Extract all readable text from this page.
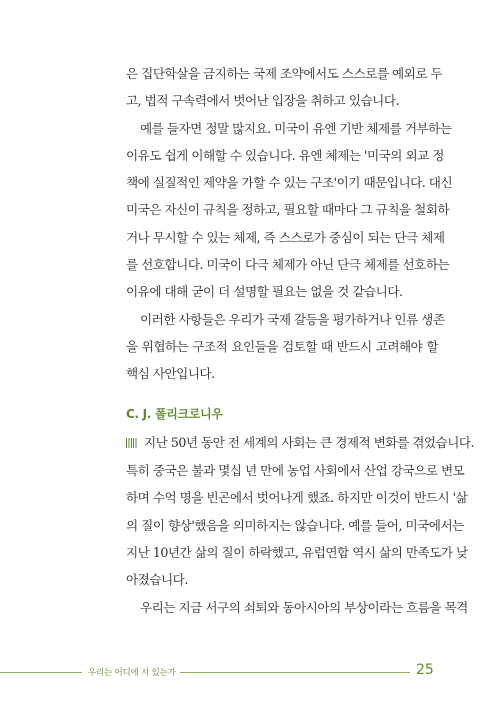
은 집단학살을 금지하는 국제 조약에서도 스스로를 예외로 두
고, 법적 구속력에서 벗어난 입장을 취하고 있습니다.
예를 들자면 정말 많지요. 미국이 유엔 기반 체제를 거부하는
이유도 쉽게 이해할 수 있습니다. 유엔 체제는 '미국의 외교 정
책에 실질적인 제약을 가할 수 있는 구조'이기 때문입니다. 대신
미국은 자신이 규칙을 정하고, 필요할 때마다 그 규칙을 철회하
거나 무시할 수 있는 체제, 즉 스스로가 중심이 되는 단극 체제
를 선호합니다. 미국이 다극 체제가 아닌 단극 체제를 선호하는
이유에 대해 굳이 더 설명할 필요는 없을 것 같습니다.
이러한 사항들은 우리가 국제 갈등을 평가하거나 인류 생존
을 위협하는 구조적 요인들을 검토할 때 반드시 고려해야 할
핵심 사안입니다.
C. J. 폴리크로니우
지난 50년 동안 전 세계의 사회는 큰 경제적 변화를 겪었습니다.
특히 중국은 불과 몇십 년 만에 농업 사회에서 산업 강국으로 변모
하며 수억 명을 빈곤에서 벗어나게 했죠. 하지만 이것이 반드시 '삶
의 질이 향상'했음을 의미하지는 않습니다. 예를 들어, 미국에서는
지난 10년간 삶의 질이 하락했고, 유럽연합 역시 삶의 만족도가 낮
아졌습니다.
우리는 지금 서구의 쇠퇴와 동아시아의 부상이라는 흐름을 목격
우리는 어디에 서 있는가	25
